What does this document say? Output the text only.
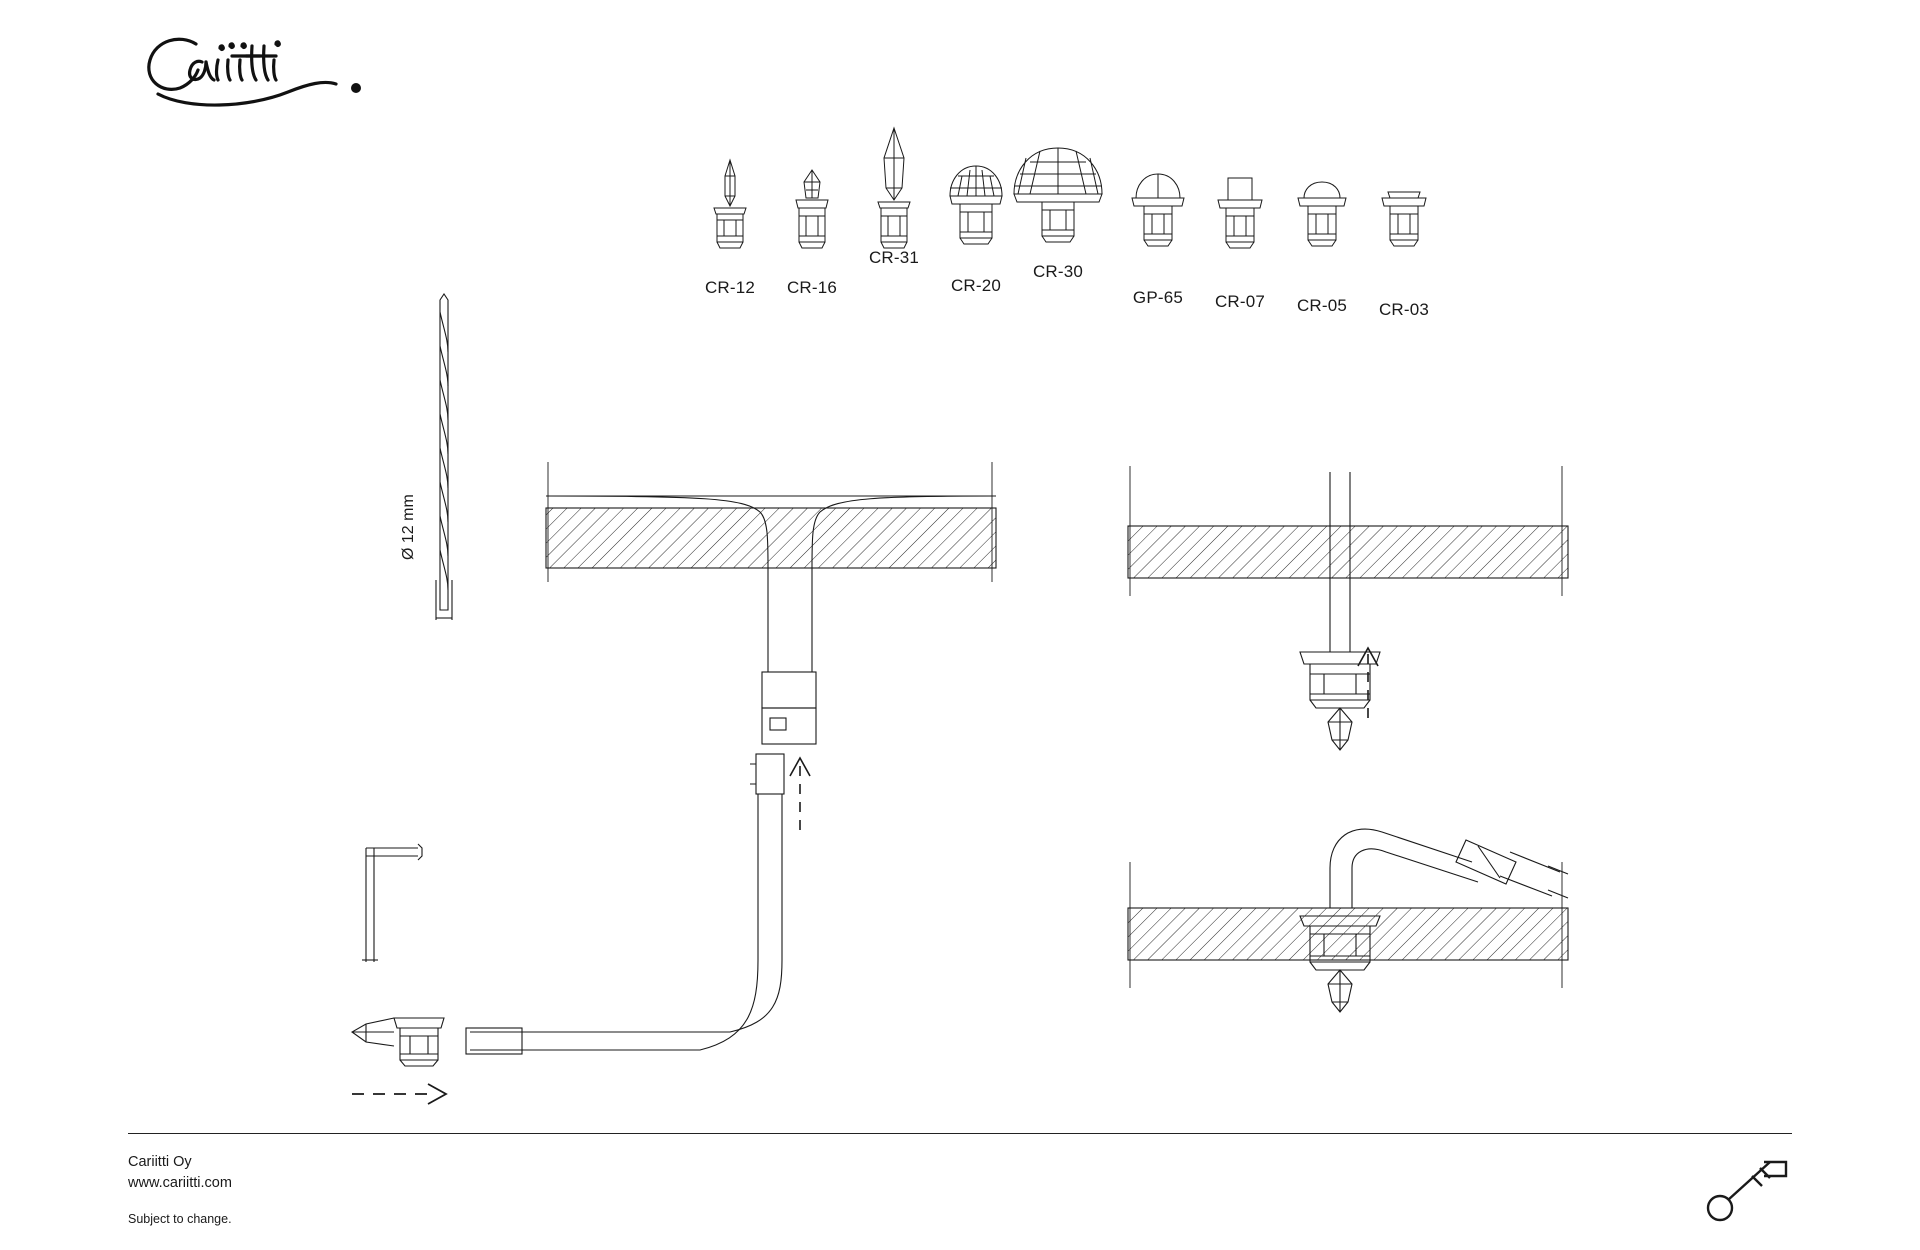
CR-12	CR-16
CR-31
CR-20
CR-30
GP-65	CR-07	CR-05	CR-03
Ø 12 mm
Cariitti Oy
www.cariitti.com
Subject to change.
